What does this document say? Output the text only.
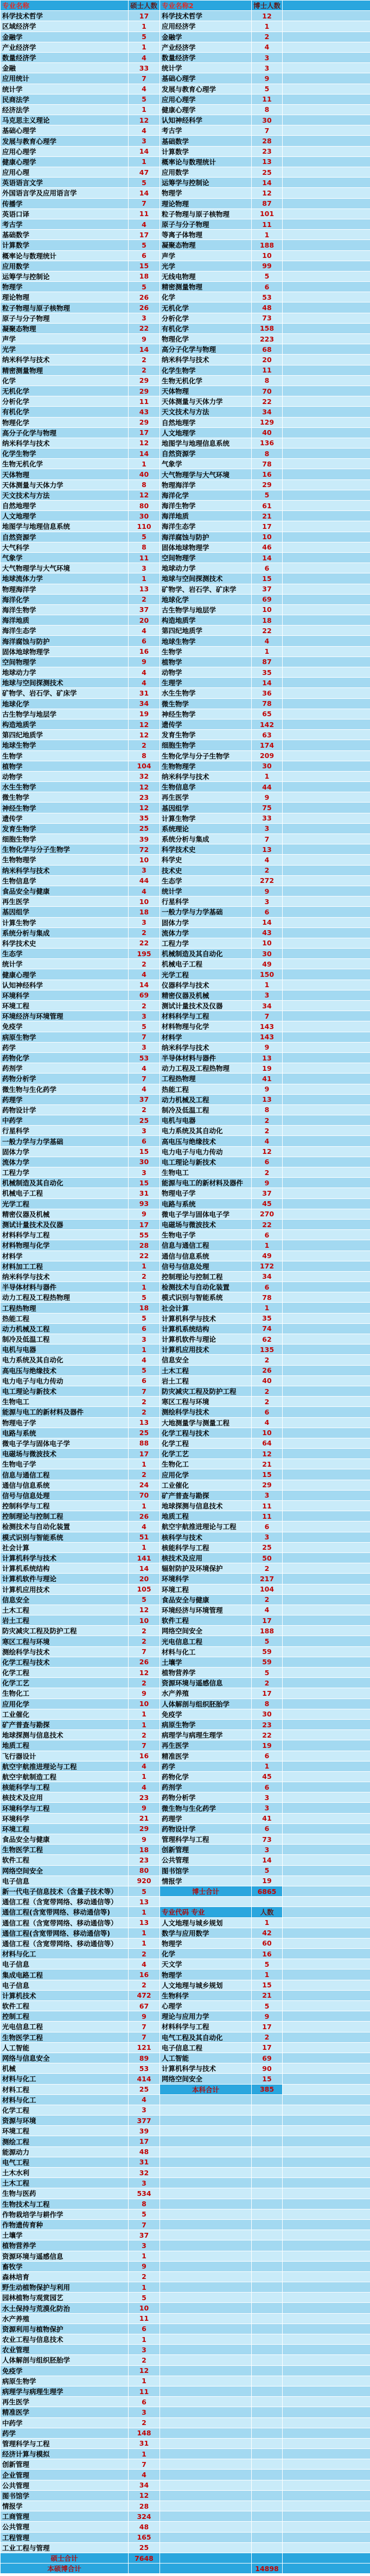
专业名称	硕士人数	专业名称2	博士人数	
科学技术哲学	17	科学技术哲学	12	
区域经济学	1	应用经济学	1	
金融学	5	金融学	2	
产业经济学	1	产业经济学	4	
数量经济学	4	数量经济学	3	
金融	33	统计学	3	
应用统计	7	基础心理学	9	
统计学	4	发展与教育心理学	5	
民商法学	5	应用心理学	11	
经济法学	1	健康心理学	8	
马克思主义理论	12	认知神经科学	30	
基础心理学	4	考古学	7	
发展与教育心理学	3	基础数学	28	
应用心理学	14	计算数学	23	
健康心理学	1	概率论与数理统计	13	
应用心理	47	应用数学	25	
英语语言文学	5	运筹学与控制论	14	
外国语言学及应用语言学	14	物理学	12	
传播学	7	理论物理	87	
英语口译	11	粒子物理与原子核物理	101	
考古学	4	原子与分子物理	11	
基础数学	17	等离子体物理	1	
计算数学	5	凝聚态物理	188	
概率论与数理统计	6	声学	10	
应用数学	15	光学	99	
运筹学与控制论	18	无线电物理	5	
物理学	5	精密测量物理	6	
理论物理	26	化学	53	
粒子物理与原子核物理	26	无机化学	48	
原子与分子物理	3	分析化学	73	
凝聚态物理	22	有机化学	158	
声学	9	物理化学	223	
光学	14	高分子化学与物理	68	
纳米科学与技术	2	纳米科学与技术	20	
精密测量物理	2	化学生物学	11	
化学	29	生物无机化学	8	
无机化学	29	天体物理	70	
分析化学	11	天体测量与天体力学	22	
有机化学	43	天文技术与方法	34	
物理化学	29	自然地理学	129	
高分子化学与物理	17	人文地理学	40	
纳米科学与技术	12	地图学与地理信息系统	136	
化学生物学	14	自然资源学	8	
生物无机化学	1	气象学	78	
天体物理	40	大气物理学与大气环境	16	
天体测量与天体力学	8	物理海洋学	29	
天文技术与方法	12	海洋化学	5	
自然地理学	80	海洋生物学	61	
人文地理学	30	海洋地质	21	
地图学与地理信息系统	110	海洋生态学	17	
自然资源学	5	海洋腐蚀与防护	10	
大气科学	8	固体地球物理学	46	
气象学	11	空间物理学	14	
大气物理学与大气环境	3	地球动力学	6	
地球流体力学	1	地球与空间探测技术	15	
物理海洋学	13	矿物学、岩石学、矿床学	37	
海洋化学	2	地球化学	69	
海洋生物学	37	古生物学与地层学	10	
海洋地质	20	构造地质学	18	
海洋生态学	4	第四纪地质学	22	
海洋腐蚀与防护	6	地球生物学	4	
固体地球物理学	16	生物学	1	
空间物理学	9	植物学	87	
地球动力学	4	动物学	35	
地球与空间探测技术	4	生理学	14	
矿物学、岩石学、矿床学	31	水生生物学	36	
地球化学	34	微生物学	78	
古生物学与地层学	19	神经生物学	65	
构造地质学	12	遗传学	142	
第四纪地质学	12	发育生物学	63	
地球生物学	2	细胞生物学	174	
生物学	8	生物化学与分子生物学	209	
植物学	104	生物物理学	30	
动物学	32	纳米科学与技术	1	
水生生物学	12	生物信息学	44	
微生物学	23	再生医学	9	
神经生物学	12	基因组学	75	
遗传学	35	计算生物学	33	
发育生物学	25	系统理论	3	
细胞生物学	39	系统分析与集成	7	
生物化学与分子生物学	72	科学技术史	13	
生物物理学	10	科学史	4	
纳米科学与技术	3	技术史	2	
生物信息学	44	生态学	272	
食品安全与健康	4	统计学	9	
再生医学	10	行星科学	3	
基因组学	18	一般力学与力学基础	6	
计算生物学	3	固体力学	14	
系统分析与集成	2	流体力学	43	
科学技术史	22	工程力学	10	
生态学	195	机械制造及其自动化	30	
统计学	2	机械电子工程	49	
健康心理学	4	光学工程	150	
认知神经科学	14	仪器科学与技术	1	
环境科学	69	精密仪器及机械	3	
环境工程	2	测试计量技术及仪器	34	
环境经济与环境管理	3	材料科学与工程	7	
免疫学	5	材料物理与化学	143	
病原生物学	7	材料学	143	
药学	3	纳米科学与技术	9	
药物化学	53	半导体材料与器件	13	
药剂学	4	动力工程及工程热物理	19	
药物分析学	7	工程热物理	41	
微生物与生化药学	4	热能工程	9	
药理学	37	动力机械及工程	13	
药物设计学	2	制冷及低温工程	8	
中药学	25	电机与电器	2	
行星科学	3	电力系统及其自动化	2	
一般力学与力学基础	6	高电压与绝缘技术	4	
固体力学	15	电力电子与电力传动	12	
流体力学	30	电工理论与新技术	6	
工程力学	3	生物电工	2	
机械制造及其自动化	15	能源与电工的新材料及器件	9	
机械电子工程	31	物理电子学	37	
光学工程	93	电路与系统	45	
精密仪器及机械	9	微电子学与固体电子学	270	
测试计量技术及仪器	17	电磁场与微波技术	22	
材料科学与工程	55	生物电子学	6	
材料物理与化学	28	信息与通信工程	1	
材料学	22	通信与信息系统	49	
材料加工工程	1	信号与信息处理	172	
纳米科学与技术	2	控制理论与控制工程	34	
半导体材料与器件	1	检测技术与自动化装置	6	
动力工程及工程热物理	5	模式识别与智能系统	78	
工程热物理	18	社会计算	1	
热能工程	5	计算机科学与技术	35	
动力机械及工程	6	计算机系统结构	74	
制冷及低温工程	3	计算机软件与理论	62	
电机与电器	1	计算机应用技术	135	
电力系统及其自动化	4	信息安全	2	
高电压与绝缘技术	5	土木工程	26	
电力电子与电力传动	6	岩土工程	40	
电工理论与新技术	7	防灾减灾工程及防护工程	2	
生物电工	2	寒区工程与环境	2	
能源与电工的新材料及器件	2	测绘科学与技术	6	
物理电子学	13	大地测量学与测量工程	4	
电路与系统	25	化学工程与技术	10	
微电子学与固体电子学	88	化学工程	64	
电磁场与微波技术	17	化学工艺	12	
生物电子学	1	生物化工	21	
信息与通信工程	2	应用化学	15	
通信与信息系统	24	工业催化	29	
信号与信息处理	70	矿产普查与勘探	3	
控制科学与工程	1	地球探测与信息技术	11	
控制理论与控制工程	26	地质工程	11	
检测技术与自动化装置	4	航空宇航推进理论与工程	6	
模式识别与智能系统	51	核科学与技术	3	
社会计算	1	核能科学与工程	25	
计算机科学与技术	141	核技术及应用	50	
计算机系统结构	14	辐射防护及环境保护	2	
计算机软件与理论	20	环境科学	217	
计算机应用技术	105	环境工程	104	
信息安全	5	食品安全与健康	2	
土木工程	12	环境经济与环境管理	4	
岩土工程	10	软件工程	17	
防灾减灾工程及防护工程	2	网络空间安全	188	
寒区工程与环境	2	光电信息工程	5	
测绘科学与技术	7	材料与化工	59	
化学工程与技术	26	土壤学	59	
化学工程	12	植物营养学	5	
化学工艺	2	资源环境与遥感信息	2	
生物化工	9	水产养殖	17	
应用化学	10	人体解剖与组织胚胎学	8	
工业催化	1	免疫学	30	
矿产普查与勘探	1	病原生物学	23	
地球探测与信息技术	2	病理学与病理生理学	22	
地质工程	7	再生医学	19	
飞行器设计	16	精准医学	6	
航空宇航推进理论与工程	4	药学	1	
航空宇航制造工程	1	药物化学	45	
核能科学与工程	4	药剂学	6	
核技术及应用	23	药物分析学	3	
环境科学与工程	9	微生物与生化药学	3	
环境科学	21	药理学	41	
环境工程	29	药物设计学	6	
食品安全与健康	9	管理科学与工程	73	
生物医学工程	18	创新管理	3	
软件工程	23	公共管理	14	
网络空间安全	80	图书馆学	5	
电子信息	920	情报学	19	
新一代电子信息技术（含量子技术等）	5	博士合计	6865	
通信工程（含宽带网络、移动通信等）	13			
通信工程(含宽带网络、移动通信等)	1	专业代码 专业	人数	
通信工程（含宽带网络、移动通信等）	13	人文地理与城乡规划	1	
通信工程(含宽带网络、移动通信等)	1	数学与应用数学	42	
通信工程（含宽带网络、移动通信等）	1	物理学	60	
材料与化工	2	化学	16	
电子信息	4	天文学	5	
集成电路工程	16	物理学	1	
电子信息	2	人文地理与城乡规划	15	
计算机技术	472	生物科学	21	
软件工程	67	心理学	5	
控制工程	9	理论与应用力学	9	
光电信息工程	7	材料科学与工程	17	
生物医学工程	7	电气工程及其自动化	2	
人工智能	121	电子信息工程	17	
网络与信息安全	89	人工智能	69	
机械	53	计算机科学与技术	90	
材料与化工	414	网络空间安全	15	
材料工程	25	本科合计	385	
材料与化工	4			
化学工程	3			
资源与环境	377			
环境工程	39			
测绘工程	17			
能源动力	48			
电气工程	31			
土木水利	32			
土木工程	3			
生物与医药	534			
生物技术与工程	8			
作物栽培学与耕作学	5			
作物遗传育种	7			
土壤学	37			
植物营养学	3			
资源环境与遥感信息	1			
畜牧学	9			
森林培育	2			
野生动植物保护与利用	1			
园林植物与观赏园艺	5			
水土保持与荒漠化防治	10			
水产养殖	11			
资源利用与植物保护	6			
农业工程与信息技术	1			
农业管理	3			
人体解剖与组织胚胎学	2			
免疫学	12			
病原生物学	1			
病理学与病理生理学	11			
再生医学	6			
精准医学	3			
中药学	2			
药学	148			
管理科学与工程	31			
经济计算与模拟	1			
创新管理	7			
企业管理	4			
公共管理	34			
图书馆学	12			
情报学	28			
工商管理	324			
公共管理	48			
工程管理	165			
工业工程与管理	25			
硕士合计	7648			
本硕博合计			14898	
